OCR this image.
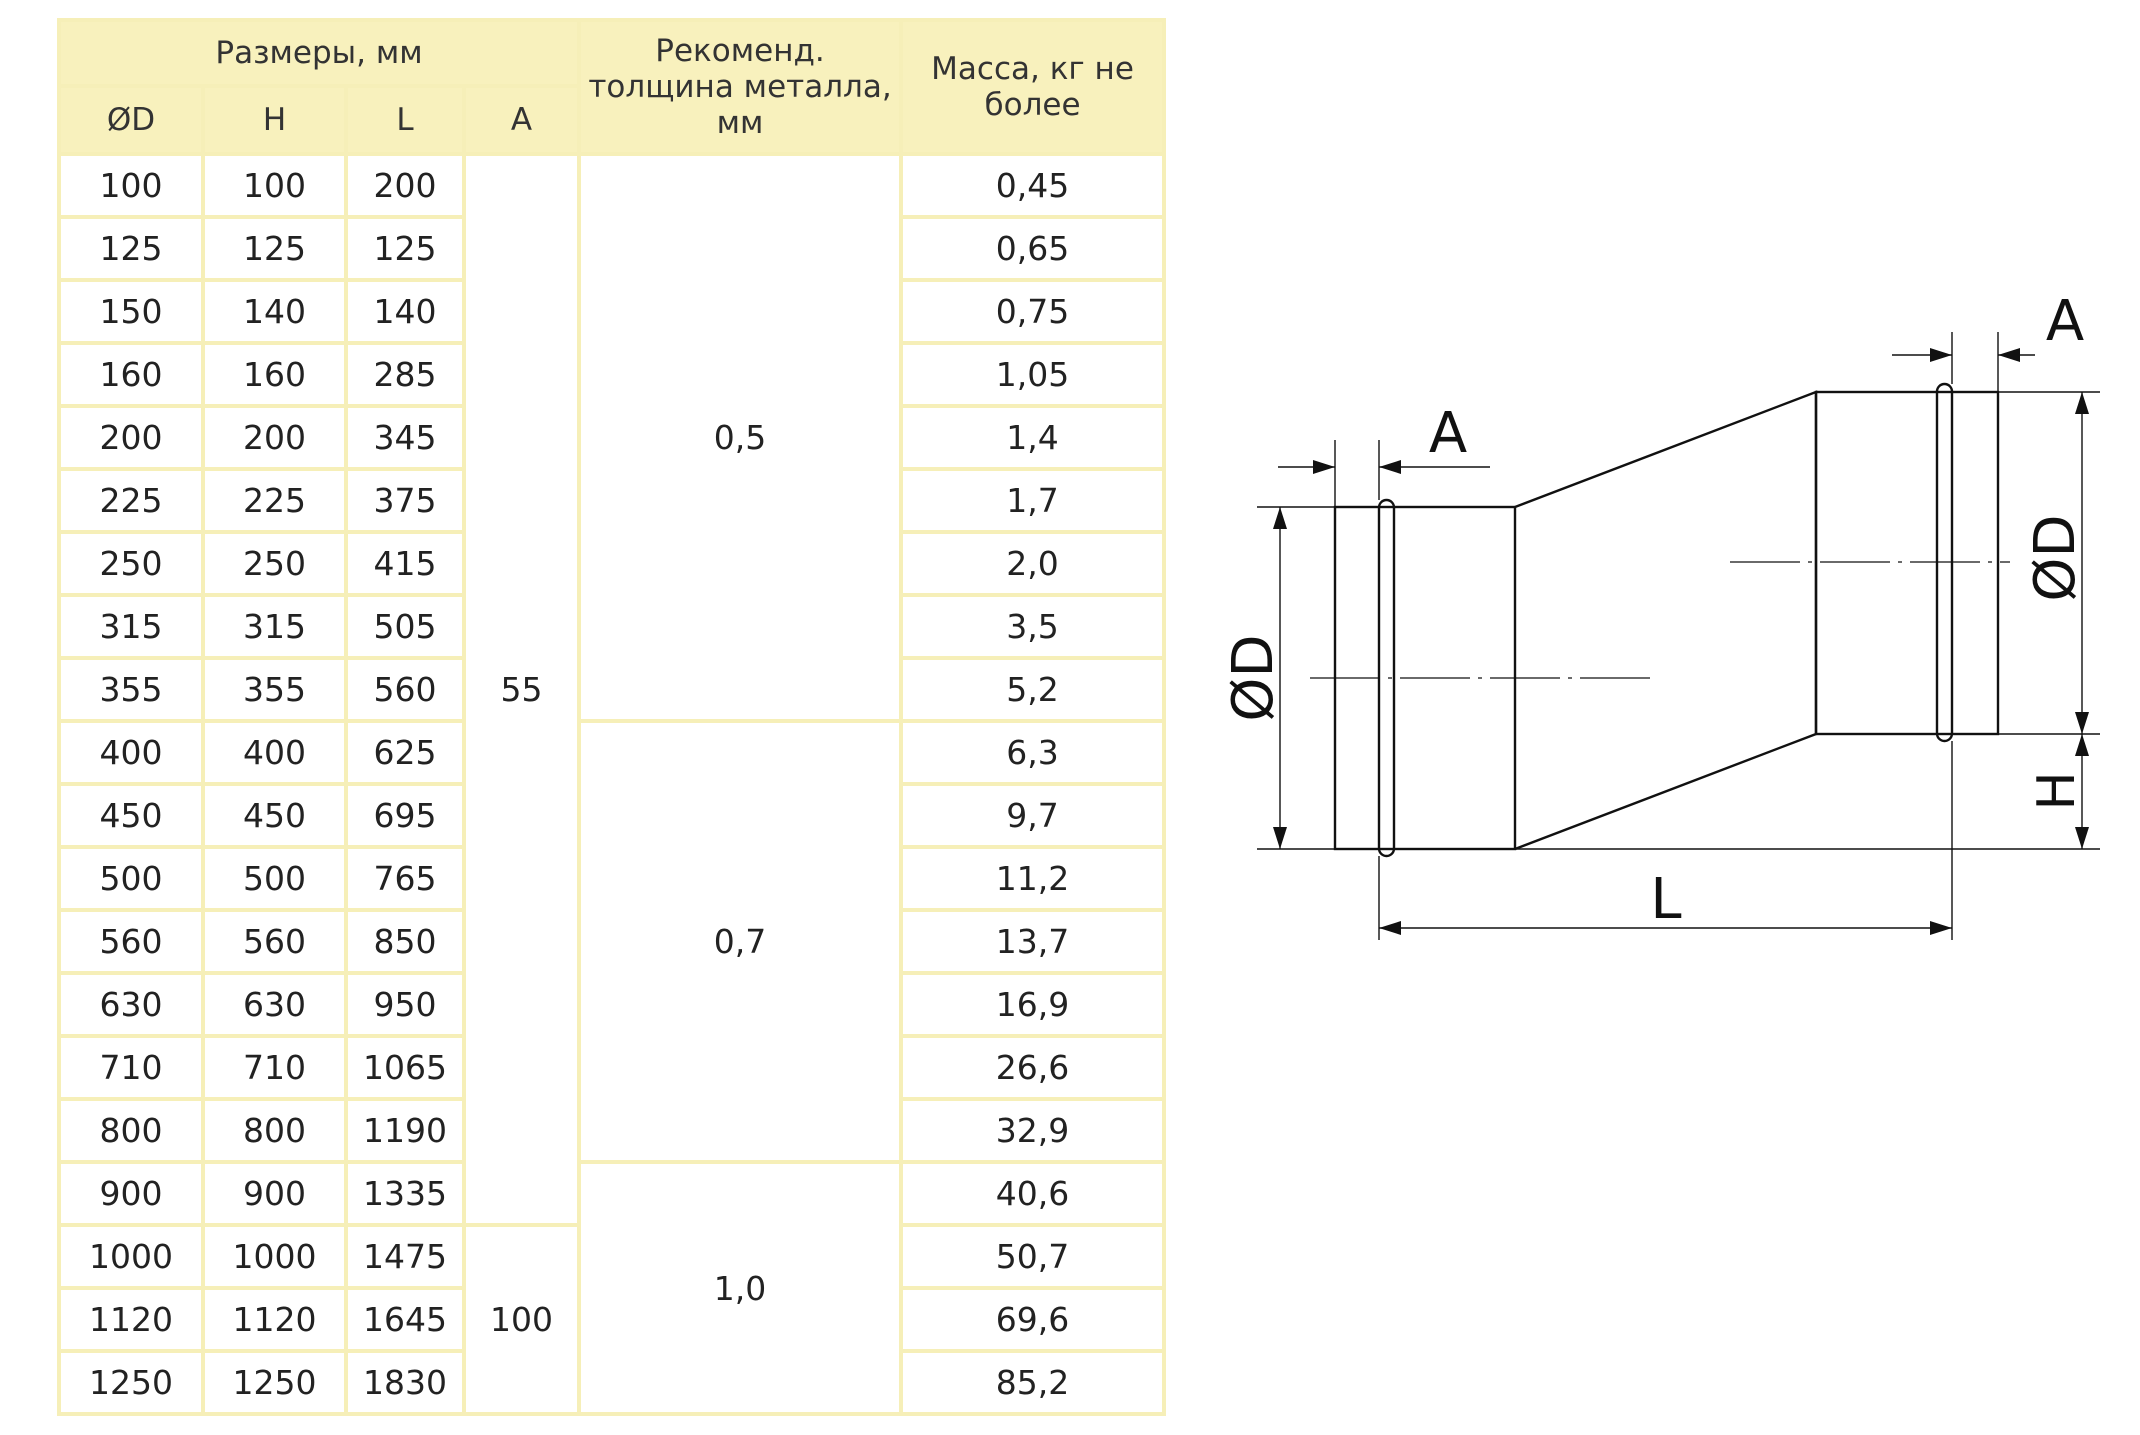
Размеры, мм				Рекоменд. толщина металла, мм	Масса, кг не более
ØD	H	L	A		
100	100	200	55	0,5	0,45
125	125	125			0,65
150	140	140			0,75
160	160	285			1,05
200	200	345			1,4
225	225	375			1,7
250	250	415			2,0
315	315	505			3,5
355	355	560			5,2
400	400	625		0,7	6,3
450	450	695			9,7
500	500	765			11,2
560	560	850			13,7
630	630	950			16,9
710	710	1065			26,6
800	800	1190			32,9
900	900	1335		1,0	40,6
1000	1000	1475	100		50,7
1120	1120	1645			69,6
1250	1250	1830			85,2
A
A
L
ØD
ØD
H
